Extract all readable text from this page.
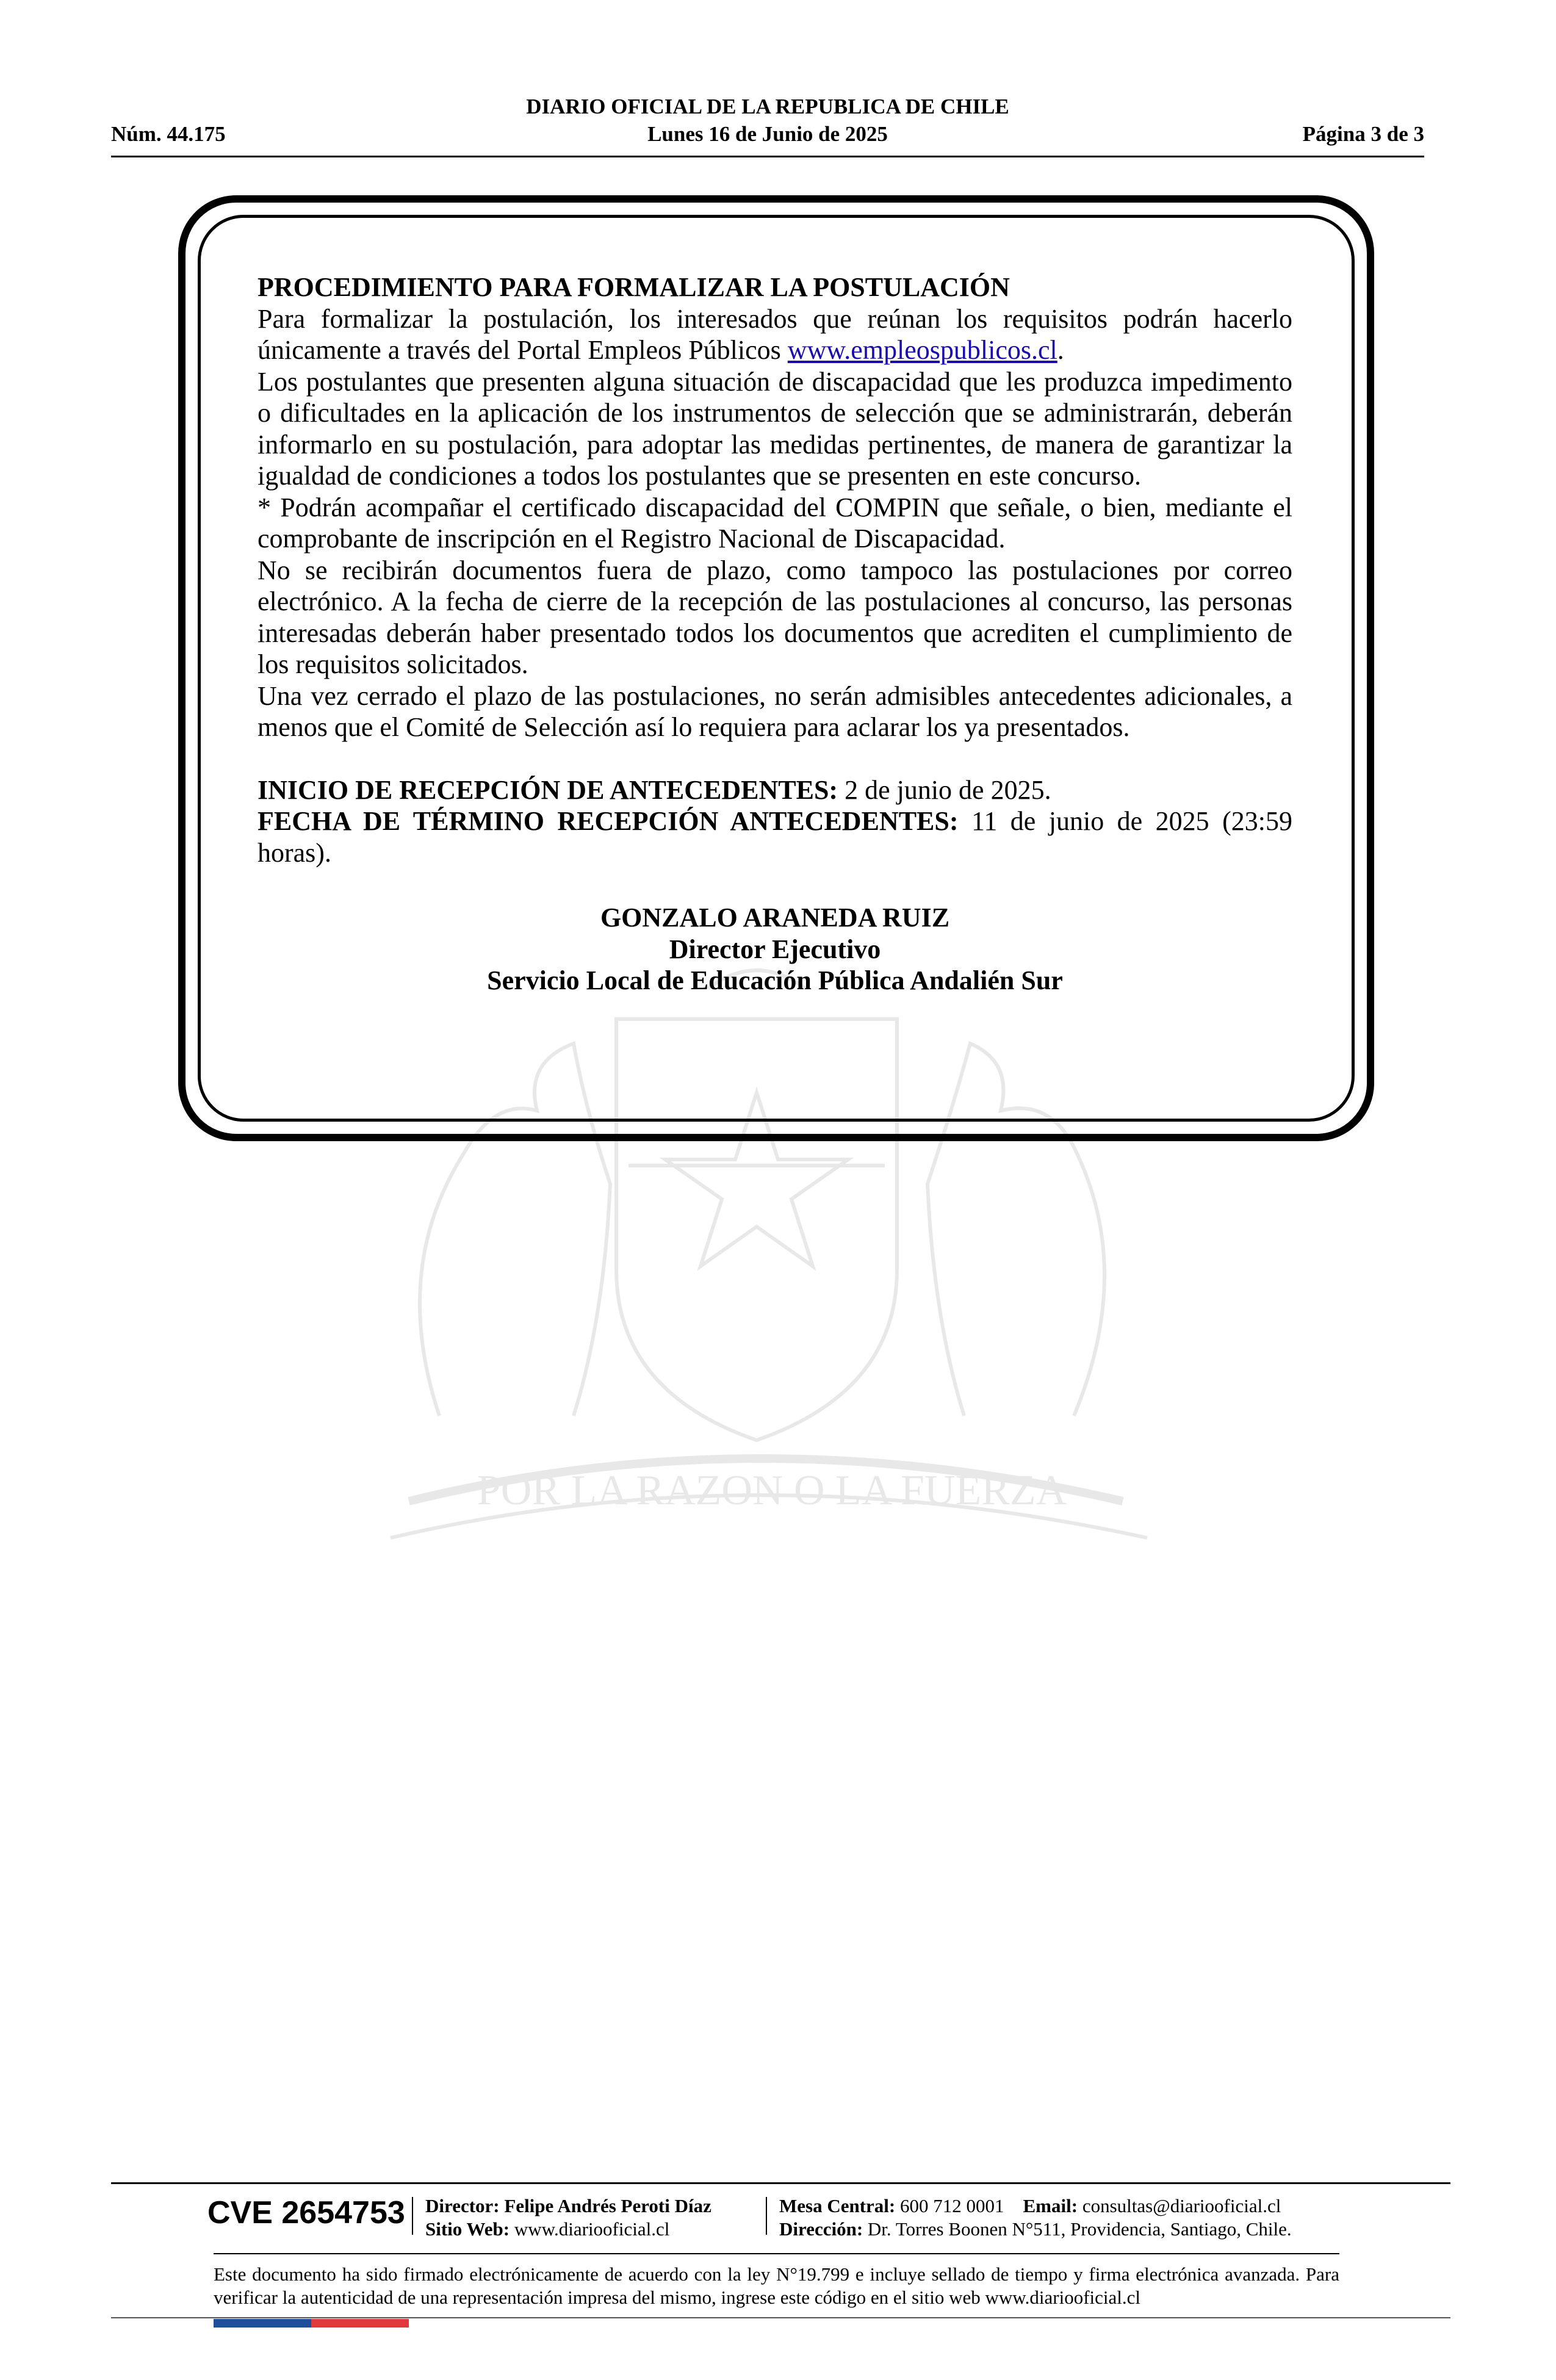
DIARIO OFICIAL DE LA REPUBLICA DE CHILE
Núm. 44.175	Lunes 16 de Junio de 2025	Página 3 de 3
POR LA RAZON O LA FUERZA

PROCEDIMIENTO PARA FORMALIZAR LA POSTULACIÓN

Para formalizar la postulación, los interesados que reúnan los requisitos podrán hacerlo únicamente a través del Portal Empleos Públicos www.empleospublicos.cl.

Los postulantes que presenten alguna situación de discapacidad que les produzca impedimento o dificultades en la aplicación de los instrumentos de selección que se administrarán, deberán informarlo en su postulación, para adoptar las medidas pertinentes, de manera de garantizar la igualdad de condiciones a todos los postulantes que se presenten en este concurso.

* Podrán acompañar el certificado discapacidad del COMPIN que señale, o bien, mediante el comprobante de inscripción en el Registro Nacional de Discapacidad.

No se recibirán documentos fuera de plazo, como tampoco las postulaciones por correo electrónico. A la fecha de cierre de la recepción de las postulaciones al concurso, las personas interesadas deberán haber presentado todos los documentos que acrediten el cumplimiento de los requisitos solicitados.

Una vez cerrado el plazo de las postulaciones, no serán admisibles antecedentes adicionales, a menos que el Comité de Selección así lo requiera para aclarar los ya presentados.

INICIO DE RECEPCIÓN DE ANTECEDENTES: 2 de junio de 2025.

FECHA DE TÉRMINO RECEPCIÓN ANTECEDENTES: 11 de junio de 2025 (23:59 horas).

GONZALO ARANEDA RUIZ
Director Ejecutivo
Servicio Local de Educación Pública Andalién Sur
CVE 2654753 Director: Felipe Andrés Peroti Díaz
Sitio Web: www.diariooficial.cl
Mesa Central: 600 712 0001 Email: consultas@diariooficial.cl
Dirección: Dr. Torres Boonen N°511, Providencia, Santiago, Chile.
Este documento ha sido firmado electrónicamente de acuerdo con la ley N°19.799 e incluye sellado de tiempo y firma electrónica avanzada. Para verificar la autenticidad de una representación impresa del mismo, ingrese este código en el sitio web www.diariooficial.cl
